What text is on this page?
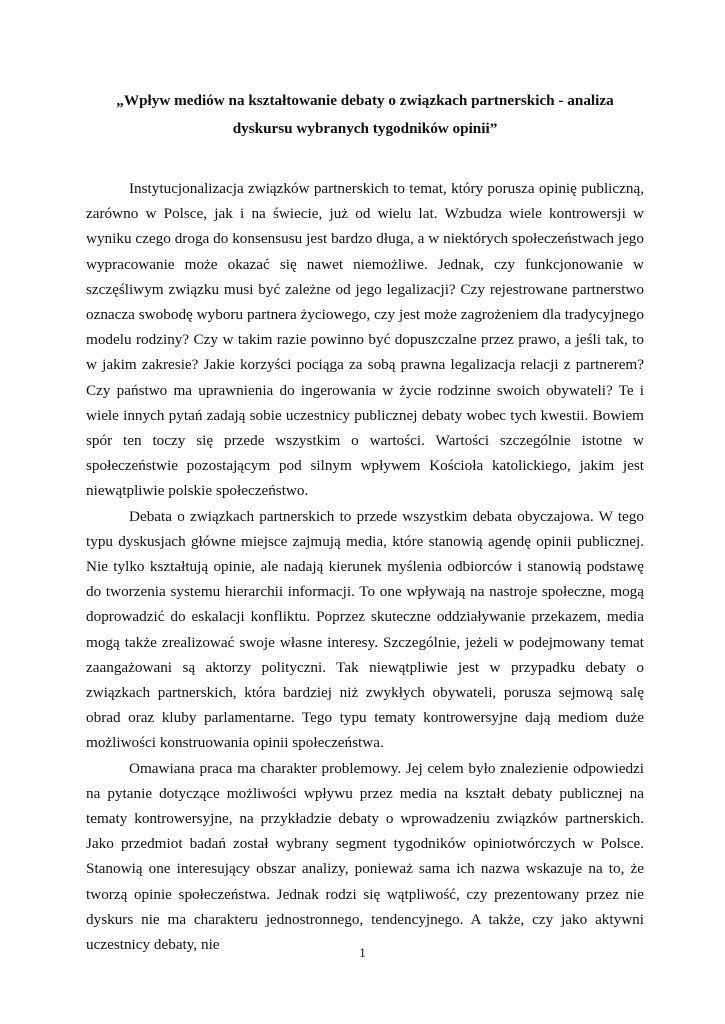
„Wpływ mediów na kształtowanie debaty o związkach partnerskich - analiza dyskursu wybranych tygodników opinii”

Instytucjonalizacja związków partnerskich to temat, który porusza opinię publiczną, zarówno w Polsce, jak i na świecie, już od wielu lat. Wzbudza wiele kontrowersji w wyniku czego droga do konsensusu jest bardzo długa, a w niektórych społeczeństwach jego wypracowanie może okazać się nawet niemożliwe. Jednak, czy funkcjonowanie w szczęśliwym związku musi być zależne od jego legalizacji? Czy rejestrowane partnerstwo oznacza swobodę wyboru partnera życiowego, czy jest może zagrożeniem dla tradycyjnego modelu rodziny? Czy w takim razie powinno być dopuszczalne przez prawo, a jeśli tak, to w jakim zakresie? Jakie korzyści pociąga za sobą prawna legalizacja relacji z partnerem? Czy państwo ma uprawnienia do ingerowania w życie rodzinne swoich obywateli? Te i wiele innych pytań zadają sobie uczestnicy publicznej debaty wobec tych kwestii. Bowiem spór ten toczy się przede wszystkim o wartości. Wartości szczególnie istotne w społeczeństwie pozostającym pod silnym wpływem Kościoła katolickiego, jakim jest niewątpliwie polskie społeczeństwo.

Debata o związkach partnerskich to przede wszystkim debata obyczajowa. W tego typu dyskusjach główne miejsce zajmują media, które stanowią agendę opinii publicznej. Nie tylko kształtują opinie, ale nadają kierunek myślenia odbiorców i stanowią podstawę do tworzenia systemu hierarchii informacji. To one wpływają na nastroje społeczne, mogą doprowadzić do eskalacji konfliktu. Poprzez skuteczne oddziaływanie przekazem, media mogą także zrealizować swoje własne interesy. Szczególnie, jeżeli w podejmowany temat zaangażowani są aktorzy polityczni. Tak niewątpliwie jest w przypadku debaty o związkach partnerskich, która bardziej niż zwykłych obywateli, porusza sejmową salę obrad oraz kluby parlamentarne. Tego typu tematy kontrowersyjne dają mediom duże możliwości konstruowania opinii społeczeństwa.

Omawiana praca ma charakter problemowy. Jej celem było znalezienie odpowiedzi na pytanie dotyczące możliwości wpływu przez media na kształt debaty publicznej na tematy kontrowersyjne, na przykładzie debaty o wprowadzeniu związków partnerskich. Jako przedmiot badań został wybrany segment tygodników opiniotwórczych w Polsce. Stanowią one interesujący obszar analizy, ponieważ sama ich nazwa wskazuje na to, że tworzą opinie społeczeństwa. Jednak rodzi się wątpliwość, czy prezentowany przez nie dyskurs nie ma charakteru jednostronnego, tendencyjnego. A także, czy jako aktywni uczestnicy debaty, nie	1
